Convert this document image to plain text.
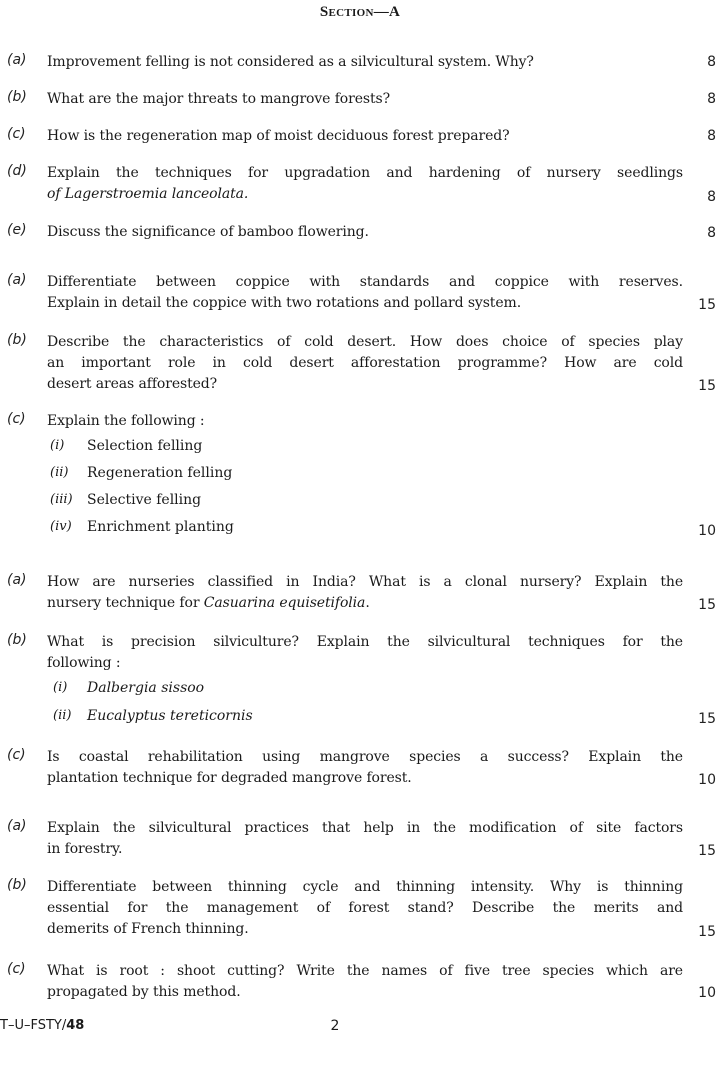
Section—A
(a) Improvement felling is not considered as a silvicultural system. Why?	8
(b) What are the major threats to mangrove forests?	8
(c) How is the regeneration map of moist deciduous forest prepared?	8
(d) Explain the techniques for upgradation and hardening of nursery seedlings
of Lagerstroemia lanceolata.	8
(e) Discuss the significance of bamboo flowering.	8
(a) Differentiate between coppice with standards and coppice with reserves.
Explain in detail the coppice with two rotations and pollard system.	15
(b) Describe the characteristics of cold desert. How does choice of species play
an important role in cold desert afforestation programme? How are cold
desert areas afforested?	15
(c) Explain the following :
(i) Selection felling
(ii) Regeneration felling
(iii) Selective felling
(iv) Enrichment planting	10
(a) How are nurseries classified in India? What is a clonal nursery? Explain the
nursery technique for Casuarina equisetifolia.	15
(b) What is precision silviculture? Explain the silvicultural techniques for the
following :
(i) Dalbergia sissoo
(ii) Eucalyptus tereticornis	15
(c) Is coastal rehabilitation using mangrove species a success? Explain the
plantation technique for degraded mangrove forest.	10
(a) Explain the silvicultural practices that help in the modification of site factors
in forestry.	15
(b) Differentiate between thinning cycle and thinning intensity. Why is thinning
essential for the management of forest stand? Describe the merits and
demerits of French thinning.	15
(c) What is root : shoot cutting? Write the names of five tree species which are
propagated by this method.	10
T–U–FSTY/48	2
